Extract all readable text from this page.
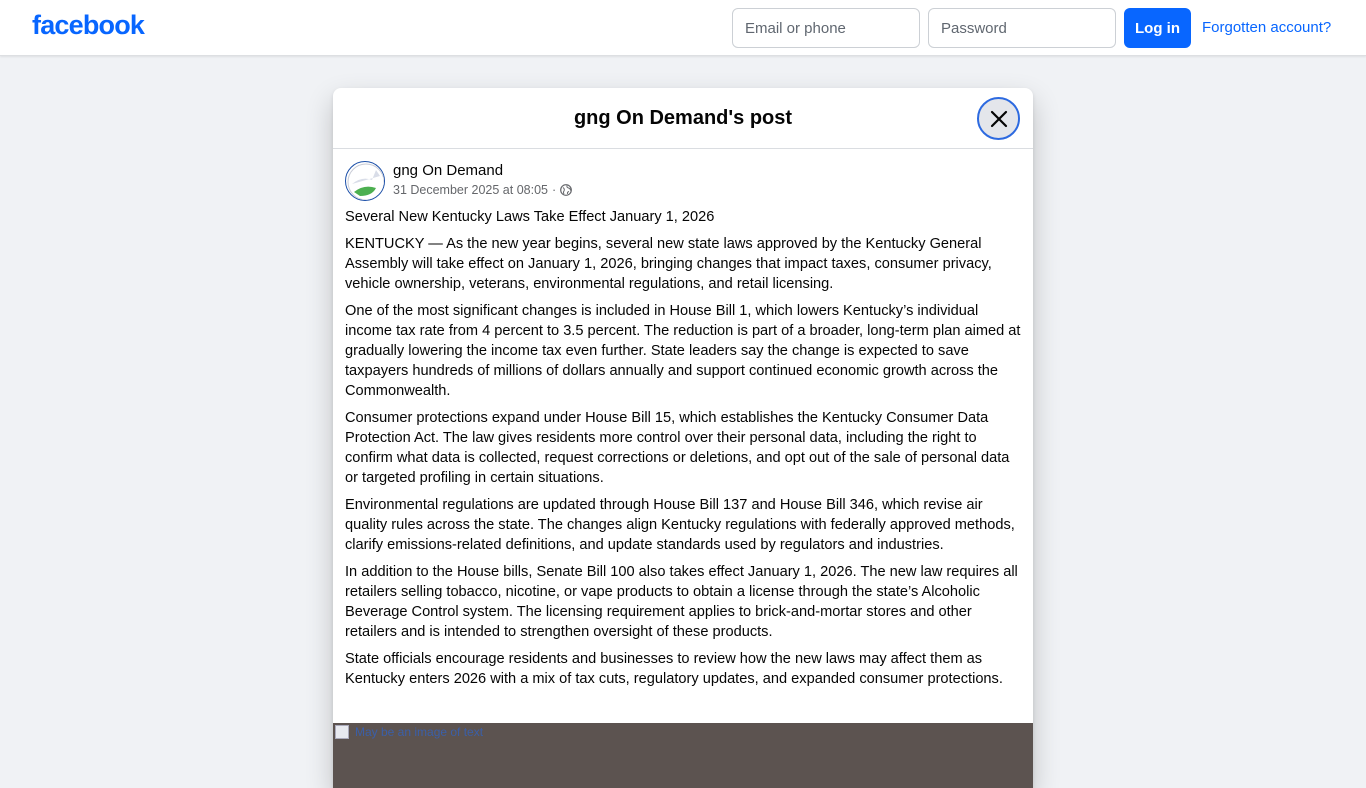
facebook
Email or phone	Log in	Forgotten account?
gng On Demand's post
gng On Demand
31 December 2025 at 08:05 ·

Several New Kentucky Laws Take Effect January 1, 2026

KENTUCKY — As the new year begins, several new state laws approved by the Kentucky General Assembly will take effect on January 1, 2026, bringing changes that impact taxes, consumer privacy, vehicle ownership, veterans, environmental regulations, and retail licensing.

One of the most significant changes is included in House Bill 1, which lowers Kentucky’s individual income tax rate from 4 percent to 3.5 percent. The reduction is part of a broader, long-term plan aimed at gradually lowering the income tax even further. State leaders say the change is expected to save taxpayers hundreds of millions of dollars annually and support continued economic growth across the Commonwealth.

Consumer protections expand under House Bill 15, which establishes the Kentucky Consumer Data Protection Act. The law gives residents more control over their personal data, including the right to confirm what data is collected, request corrections or deletions, and opt out of the sale of personal data or targeted profiling in certain situations.

Environmental regulations are updated through House Bill 137 and House Bill 346, which revise air quality rules across the state. The changes align Kentucky regulations with federally approved methods, clarify emissions-related definitions, and update standards used by regulators and industries.

In addition to the House bills, Senate Bill 100 also takes effect January 1, 2026. The new law requires all retailers selling tobacco, nicotine, or vape products to obtain a license through the state’s Alcoholic Beverage Control system. The licensing requirement applies to brick-and-mortar stores and other retailers and is intended to strengthen oversight of these products.

State officials encourage residents and businesses to review how the new laws may affect them as Kentucky enters 2026 with a mix of tax cuts, regulatory updates, and expanded consumer protections.

May be an image of text
